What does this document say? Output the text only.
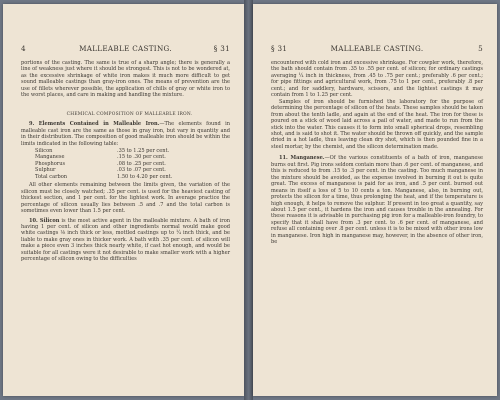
4	MALLEABLE CASTING.	§ 31

portions of the casting. The same is true of a sharp angle; there is generally a line of weakness just where it should be strongest. This is not to be wondered at, as the excessive shrinkage of white iron makes it much more difficult to get sound malleable castings than gray-iron ones. The means of prevention are the use of fillets wherever possible, the application of chills of gray or white iron to the worst places, and care in making and handling the mixture.

CHEMICAL COMPOSITION OF MALLEABLE IRON.

9. Elements Contained in Malleable Iron.—The elements found in malleable cast iron are the same as those in gray iron, but vary in quantity and in their distribution. The composition of good malleable iron should be within the limits indicated in the following table:

Silicon	.35 to 1.25 per cent.
Manganese	.15 to .30 per cent.
Phosphorus	.08 to .25 per cent.
Sulphur	.03 to .07 per cent.
Total carbon	1.50 to 4.20 per cent.

All other elements remaining between the limits given, the variation of the silicon must be closely watched; .35 per cent. is used for the heaviest casting of thickest section, and 1 per cent. for the lightest work. In average practice the percentage of silicon usually lies between .5 and .7 and the total carbon is sometimes even lower than 1.5 per cent.

10. Silicon is the most active agent in the malleable mixture. A bath of iron having 1 per cent. of silicon and other ingredients normal would make good white castings ⅛ inch thick or less, mottled castings up to ¼ inch thick, and be liable to make gray ones in thicker work. A bath with .35 per cent. of silicon will make a piece even 3 inches thick nearly white, if cast hot enough, and would be suitable for all castings were it not desirable to make smaller work with a higher percentage of silicon owing to the difficulties

§ 31	MALLEABLE CASTING.	5

encountered with cold iron and excessive shrinkage. For cowpler work, therefore, the bath should contain from .35 to .55 per cent. of silicon; for ordinary castings averaging ¼ inch in thickness, from .45 to .75 per cent.; preferably .6 per cent.; for pipe fittings and agricultural work, from .75 to 1 per cent., preferably .8 per cent.; and for saddlery, hardware, scissors, and the lightest castings it may contain from 1 to 1.25 per cent.

Samples of iron should be furnished the laboratory for the purpose of determining the percentage of silicon of the heats. These samples should be taken from about the tenth ladle, and again at the end of the heat. The iron for these is poured on a stick of wood laid across a pail of water, and made to run from the stick into the water. This causes it to form into small spherical drops, resembling shot, and is said to shot it. The water should be thrown off quickly, and the sample dried in a hot ladle, thus leaving clean dry shot, which is then pounded fine in a steel mortar, by the chemist, and the silicon determination made.

11. Manganese.—Of the various constituents of a bath of iron, manganese burns out first. Pig irons seldom contain more than .6 per cent. of manganese, and this is reduced to from .15 to .3 per cent. in the casting. Too much manganese in the mixture should be avoided, as the expense involved in burning it out is quite great. The excess of manganese is paid for as iron, and .5 per cent. burned out means in itself a loss of 5 to 10 cents a ton. Manganese, also, in burning out, protects the silicon for a time, thus prolonging the heat, and if the temperature is high enough, it helps to remove the sulphur. If present in too great a quantity, say about 1.5 per cent., it hardens the iron and causes trouble in the annealing. For these reasons it is advisable in purchasing pig iron for a malleable-iron foundry, to specify that it shall have from .3 per cent. to .6 per cent. of manganese, and refuse all containing over .8 per cent. unless it is to be mixed with other irons low in manganese. Iron high in manganese may, however, in the absence of other iron, be
